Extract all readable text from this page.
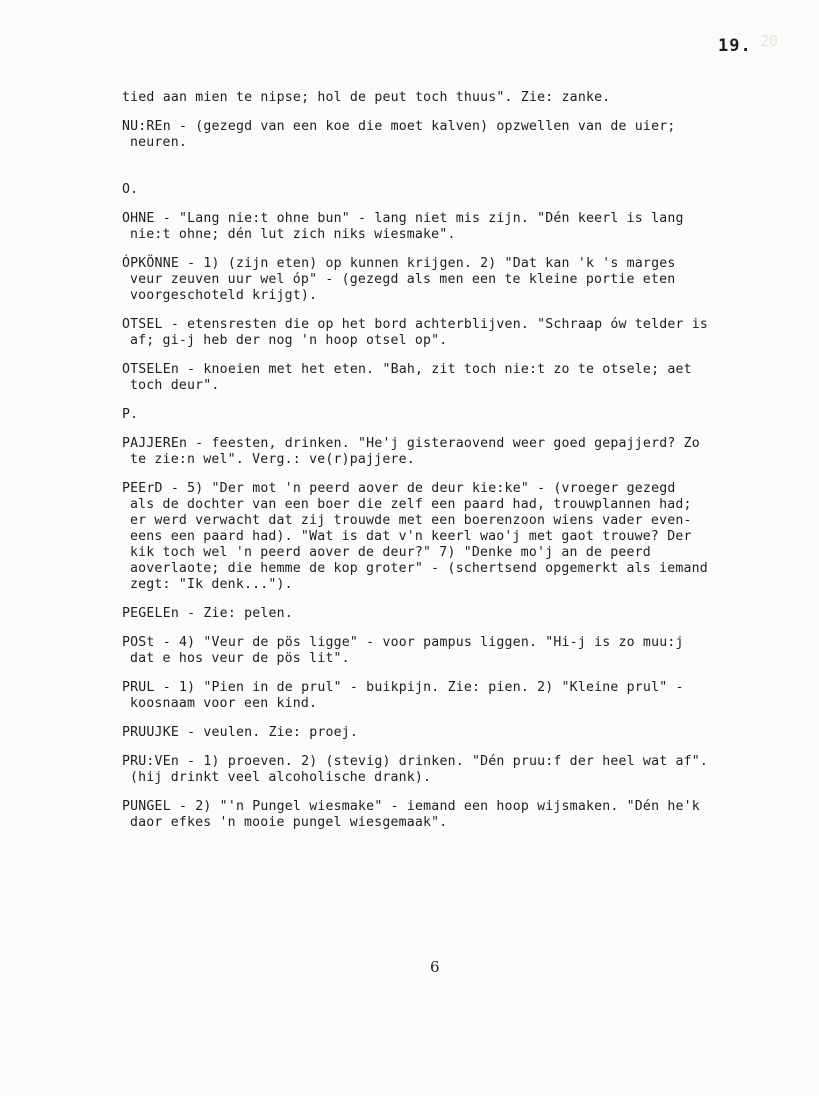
19. 20
tied aan mien te nipse; hol de peut toch thuus". Zie: zanke.
NU:REn - (gezegd van een koe die moet kalven) opzwellen van de uier;
neuren.
O.
OHNE - "Lang nie:t ohne bun" - lang niet mis zijn. "Dén keerl is lang
nie:t ohne; dén lut zich niks wiesmake".
ÓPKÖNNE - 1) (zijn eten) op kunnen krijgen. 2) "Dat kan 'k 's marges
veur zeuven uur wel óp" - (gezegd als men een te kleine portie eten
voorgeschoteld krijgt).
OTSEL - etensresten die op het bord achterblijven. "Schraap ów telder is
af; gi-j heb der nog 'n hoop otsel op".
OTSELEn - knoeien met het eten. "Bah, zit toch nie:t zo te otsele; aet
toch deur".
P.
PAJJEREn - feesten, drinken. "He'j gisteraovend weer goed gepajjerd? Zo
te zie:n wel". Verg.: ve(r)pajjere.
PEErD - 5) "Der mot 'n peerd aover de deur kie:ke" - (vroeger gezegd
als de dochter van een boer die zelf een paard had, trouwplannen had;
er werd verwacht dat zij trouwde met een boerenzoon wiens vader even-
eens een paard had). "Wat is dat v'n keerl wao'j met gaot trouwe? Der
kik toch wel 'n peerd aover de deur?" 7) "Denke mo'j an de peerd
aoverlaote; die hemme de kop groter" - (schertsend opgemerkt als iemand
zegt: "Ik denk...").
PEGELEn - Zie: pelen.
POSt - 4) "Veur de pös ligge" - voor pampus liggen. "Hi-j is zo muu:j
dat e hos veur de pös lit".
PRUL - 1) "Pien in de prul" - buikpijn. Zie: pien. 2) "Kleine prul" -
koosnaam voor een kind.
PRUUJKE - veulen. Zie: proej.
PRU:VEn - 1) proeven. 2) (stevig) drinken. "Dén pruu:f der heel wat af".
(hij drinkt veel alcoholische drank).
PUNGEL - 2) "'n Pungel wiesmake" - iemand een hoop wijsmaken. "Dén he'k
daor efkes 'n mooie pungel wiesgemaak".
6
